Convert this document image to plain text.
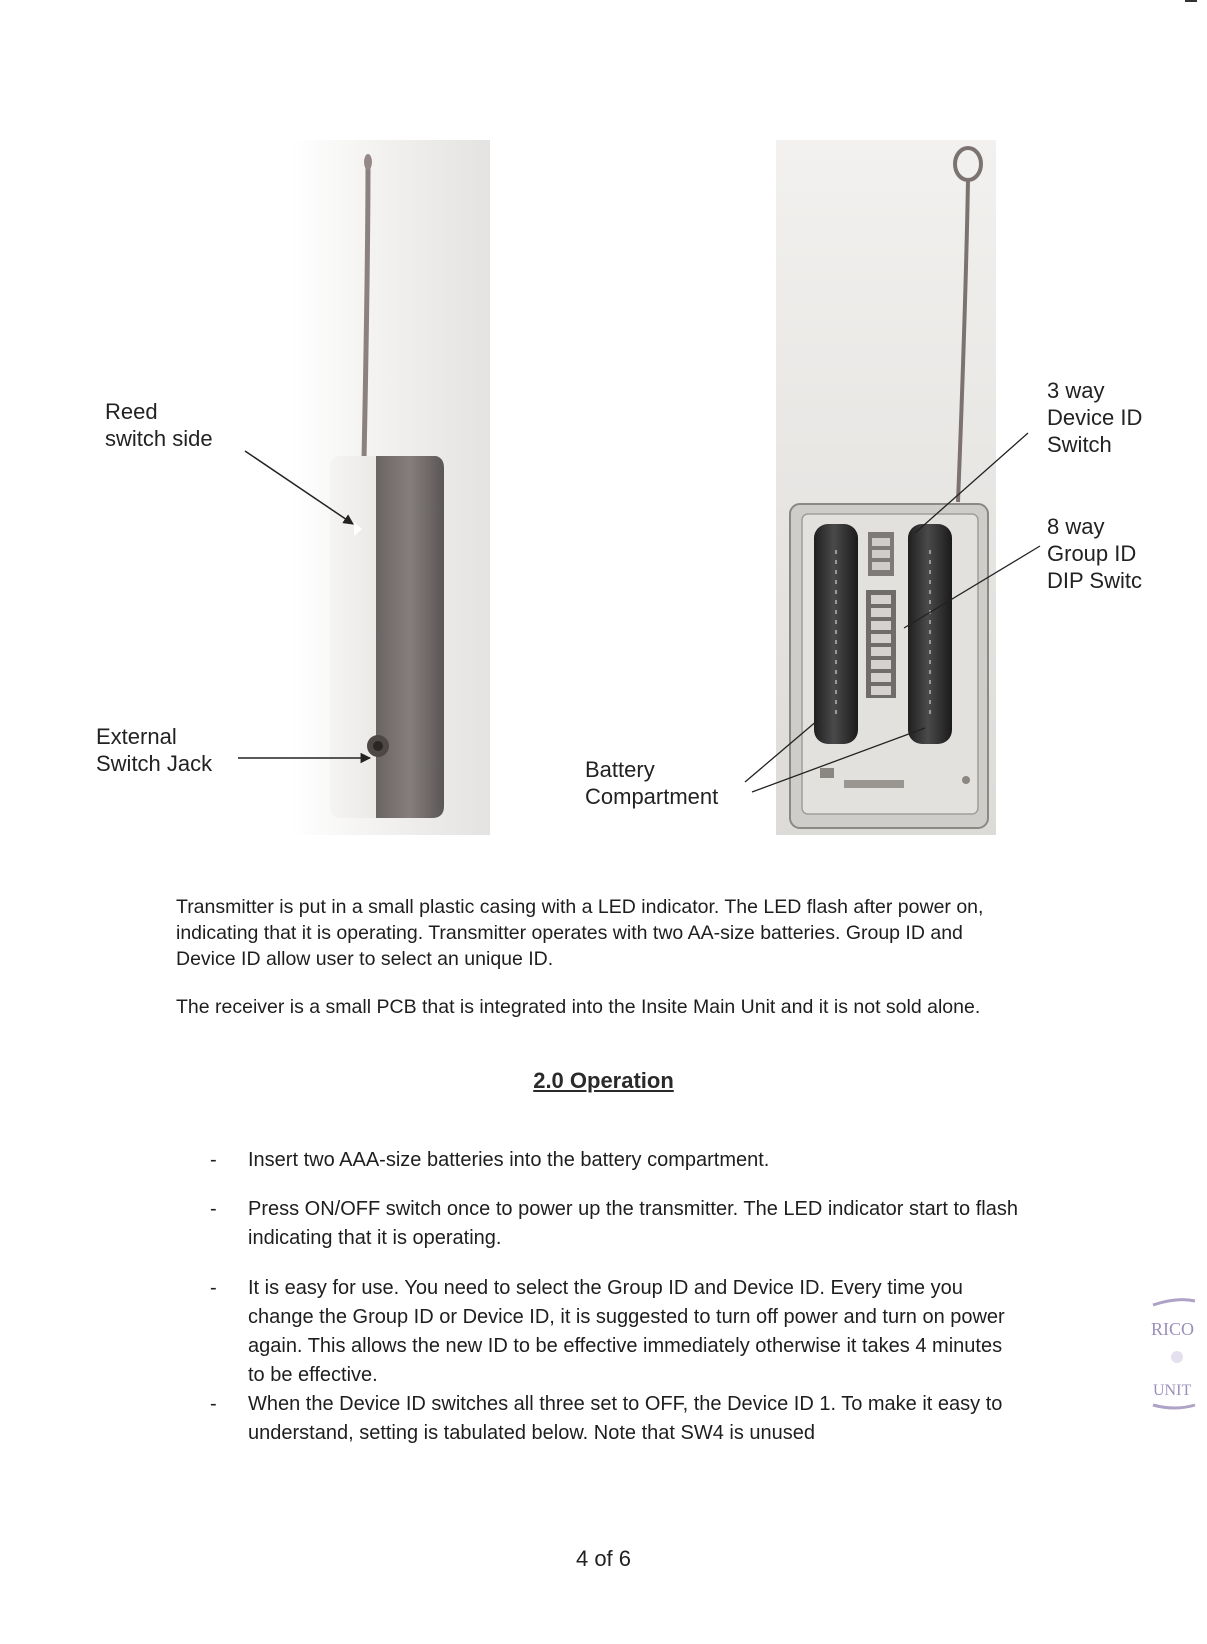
Reed
switch side
External
Switch Jack	Battery
Compartment
3 way
Device ID
Switch
8 way
Group ID
DIP Switc
Transmitter is put in a small plastic casing with a LED indicator. The LED flash after power on, indicating that it is operating. Transmitter operates with two AA-size batteries. Group ID and Device ID allow user to select an unique ID.
The receiver is a small PCB that is integrated into the Insite Main Unit and it is not sold alone.
2.0 Operation
- Insert two AAA-size batteries into the battery compartment.
- Press ON/OFF switch once to power up the transmitter. The LED indicator start to flash indicating that it is operating.
- It is easy for use. You need to select the Group ID and Device ID. Every time you change the Group ID or Device ID, it is suggested to turn off power and turn on power again. This allows the new ID to be effective immediately otherwise it takes 4 minutes to be effective.
- When the Device ID switches all three set to OFF, the Device ID 1. To make it easy to understand, setting is tabulated below. Note that SW4 is unused
RICO
UNIT
4 of 6
